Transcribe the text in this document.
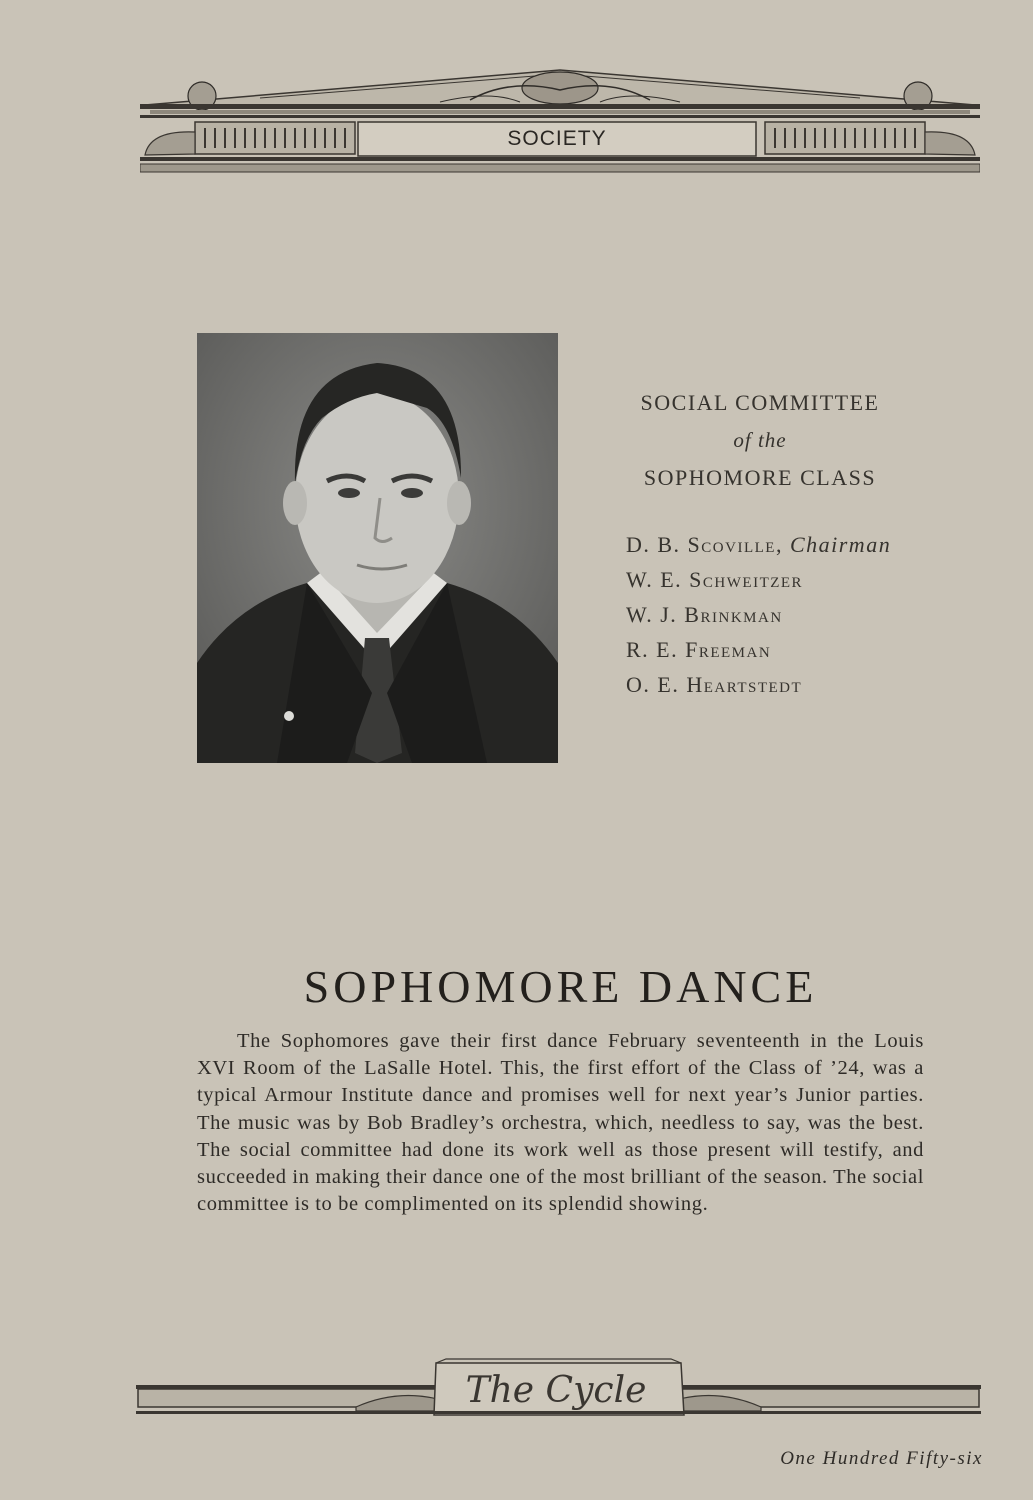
SOCIETY
SOCIAL COMMITTEE
of the
SOPHOMORE CLASS
D. B. Scoville, Chairman
W. E. Schweitzer
W. J. Brinkman
R. E. Freeman
O. E. Heartstedt
SOPHOMORE DANCE

The Sophomores gave their first dance February seventeenth in the Louis XVI Room of the LaSalle Hotel. This, the first effort of the Class of ’24, was a typical Armour Institute dance and promises well for next year’s Junior parties. The music was by Bob Bradley’s orchestra, which, needless to say, was the best. The social committee had done its work well as those present will testify, and succeeded in making their dance one of the most brilliant of the season. The social committee is to be complimented on its splendid showing.

The Cycle
One Hundred Fifty-six
